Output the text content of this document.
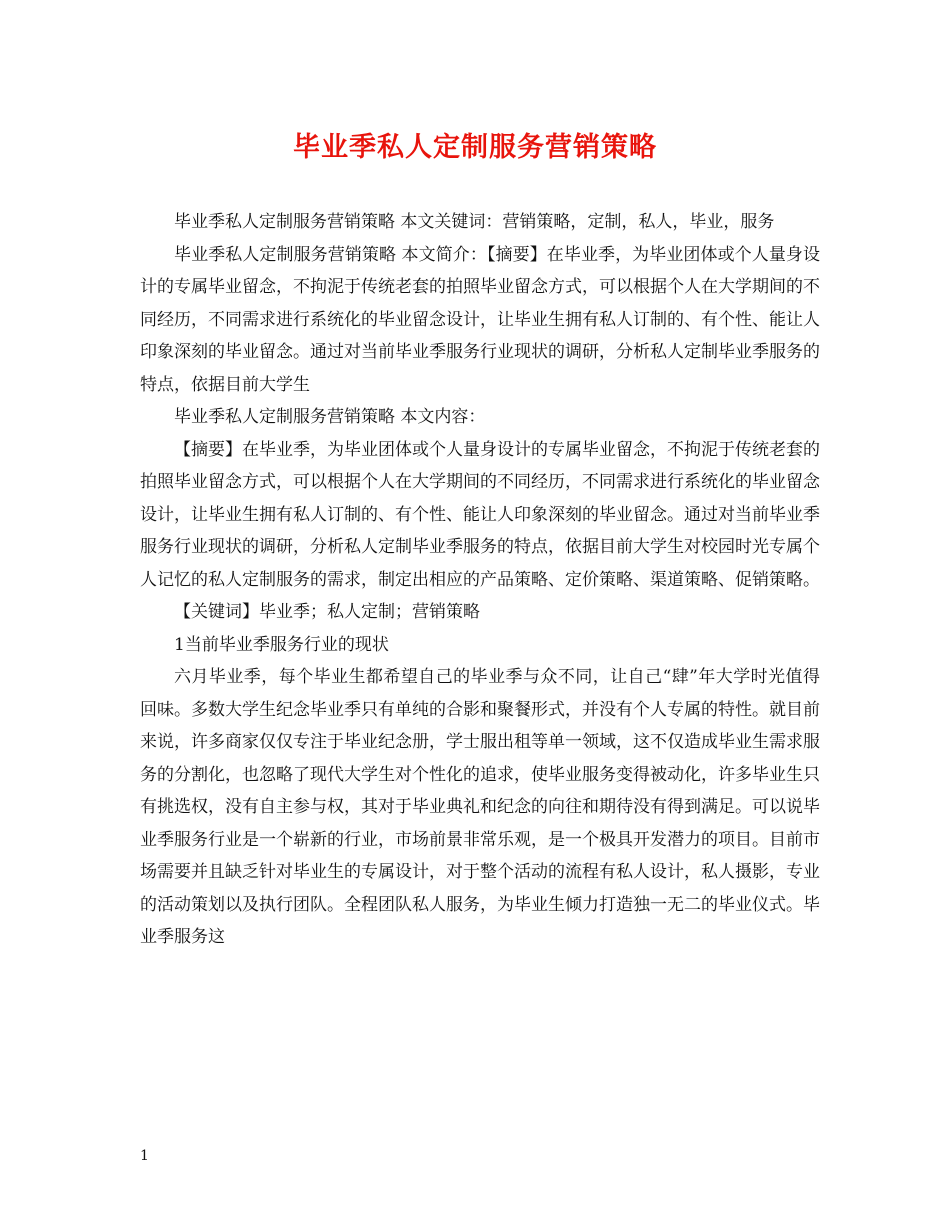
毕业季私人定制服务营销策略

毕业季私人定制服务营销策略 本文关键词：营销策略，定制，私人，毕业，服务

毕业季私人定制服务营销策略 本文简介：【摘要】在毕业季，为毕业团体或个人量身设计的专属毕业留念，不拘泥于传统老套的拍照毕业留念方式，可以根据个人在大学期间的不同经历，不同需求进行系统化的毕业留念设计，让毕业生拥有私人订制的、有个性、能让人印象深刻的毕业留念。通过对当前毕业季服务行业现状的调研，分析私人定制毕业季服务的特点，依据目前大学生

毕业季私人定制服务营销策略 本文内容：

【摘要】在毕业季，为毕业团体或个人量身设计的专属毕业留念，不拘泥于传统老套的拍照毕业留念方式，可以根据个人在大学期间的不同经历，不同需求进行系统化的毕业留念设计，让毕业生拥有私人订制的、有个性、能让人印象深刻的毕业留念。通过对当前毕业季服务行业现状的调研，分析私人定制毕业季服务的特点，依据目前大学生对校园时光专属个人记忆的私人定制服务的需求，制定出相应的产品策略、定价策略、渠道策略、促销策略。

【关键词】毕业季；私人定制；营销策略

1当前毕业季服务行业的现状

六月毕业季，每个毕业生都希望自己的毕业季与众不同，让自己“肆”年大学时光值得回味。多数大学生纪念毕业季只有单纯的合影和聚餐形式，并没有个人专属的特性。就目前来说，许多商家仅仅专注于毕业纪念册，学士服出租等单一领域，这不仅造成毕业生需求服务的分割化，也忽略了现代大学生对个性化的追求，使毕业服务变得被动化，许多毕业生只有挑选权，没有自主参与权，其对于毕业典礼和纪念的向往和期待没有得到满足。可以说毕业季服务行业是一个崭新的行业，市场前景非常乐观，是一个极具开发潜力的项目。目前市场需要并且缺乏针对毕业生的专属设计，对于整个活动的流程有私人设计，私人摄影，专业的活动策划以及执行团队。全程团队私人服务，为毕业生倾力打造独一无二的毕业仪式。毕业季服务这

1
